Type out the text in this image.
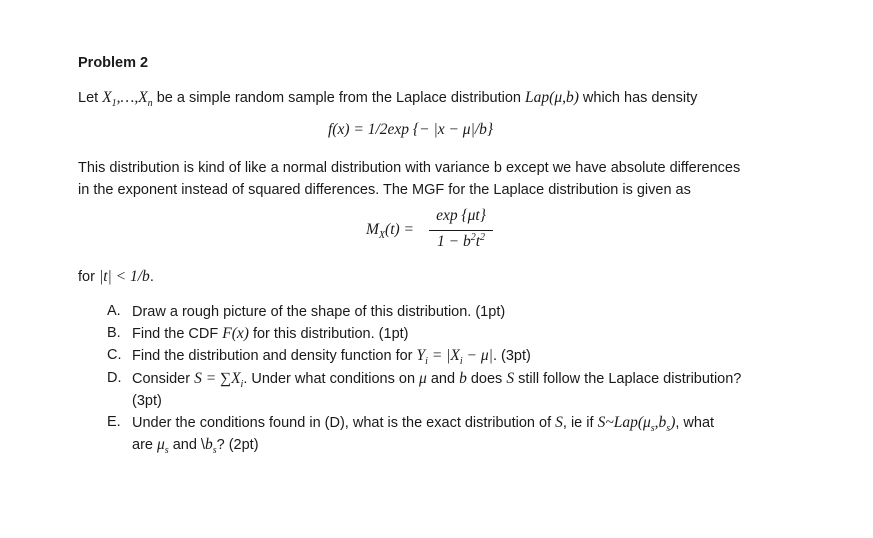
Problem 2
Let $X_1,\dots,X_n$ be a simple random sample from the Laplace distribution Lap(μ,b) which has density
f(x) = 1/2exp {− |x − μ|/b}
This distribution is kind of like a normal distribution with variance b except we have absolute differences
in the exponent instead of squared differences. The MGF for the Laplace distribution is given as
$M_X(t)$ =
exp {μt}
$1 - b^2t^2$
for |t| < 1/b.
A. Draw a rough picture of the shape of this distribution. (1pt)
B. Find the CDF F(x) for this distribution. (1pt)
C. Find the distribution and density function for $Y_i = |X_i - \mu|$. (3pt)
D. Consider $S = \sum X_i$. Under what conditions on μ and b does S still follow the Laplace distribution?
(3pt)
E. Under the conditions found in (D), what is the exact distribution of S, ie if $S\sim Lap(\mu_s,b_s)$, what
are $\mu_s$ and $\backslash b_s$? (2pt)
